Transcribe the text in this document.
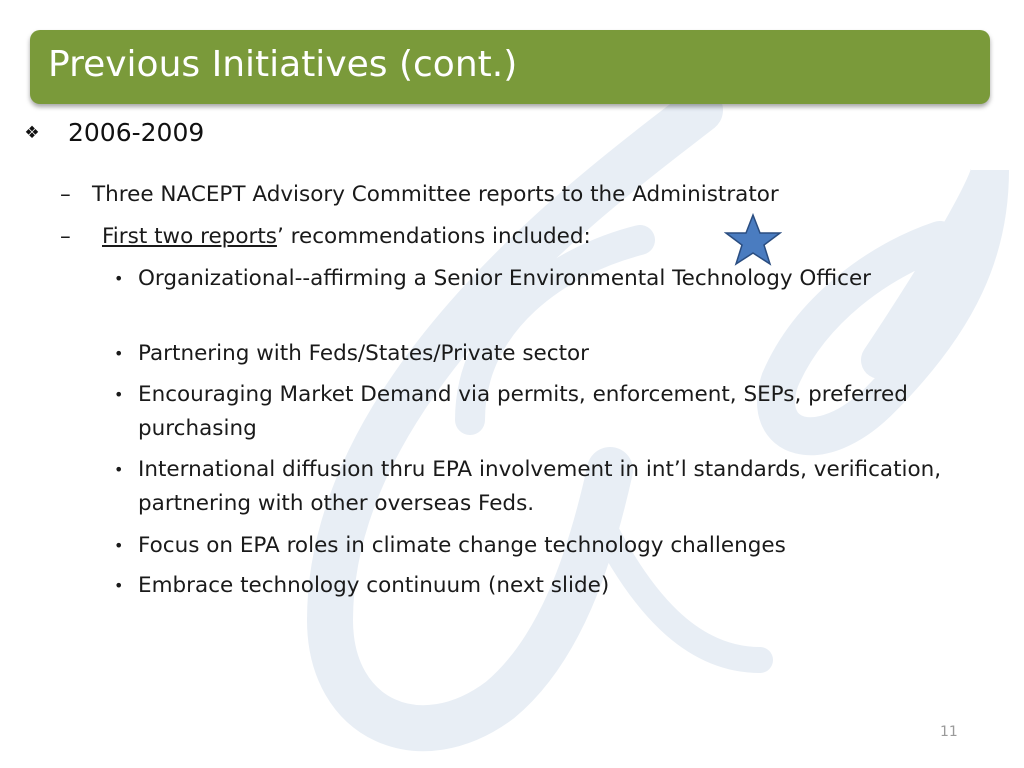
Previous Initiatives (cont.)
❖	2006-2009
– Three NACEPT Advisory Committee reports to the Administrator
–	First two reports ’ recommendations included:
• Organizational--affirming a Senior Environmental Technology Officer
• Partnering with Feds/States/Private sector
• Encouraging Market Demand via permits, enforcement, SEPs, preferred purchasing
• International diffusion thru EPA involvement in int’l standards, verification, partnering with other overseas Feds.
• Focus on EPA roles in climate change technology challenges
• Embrace technology continuum (next slide)
11
